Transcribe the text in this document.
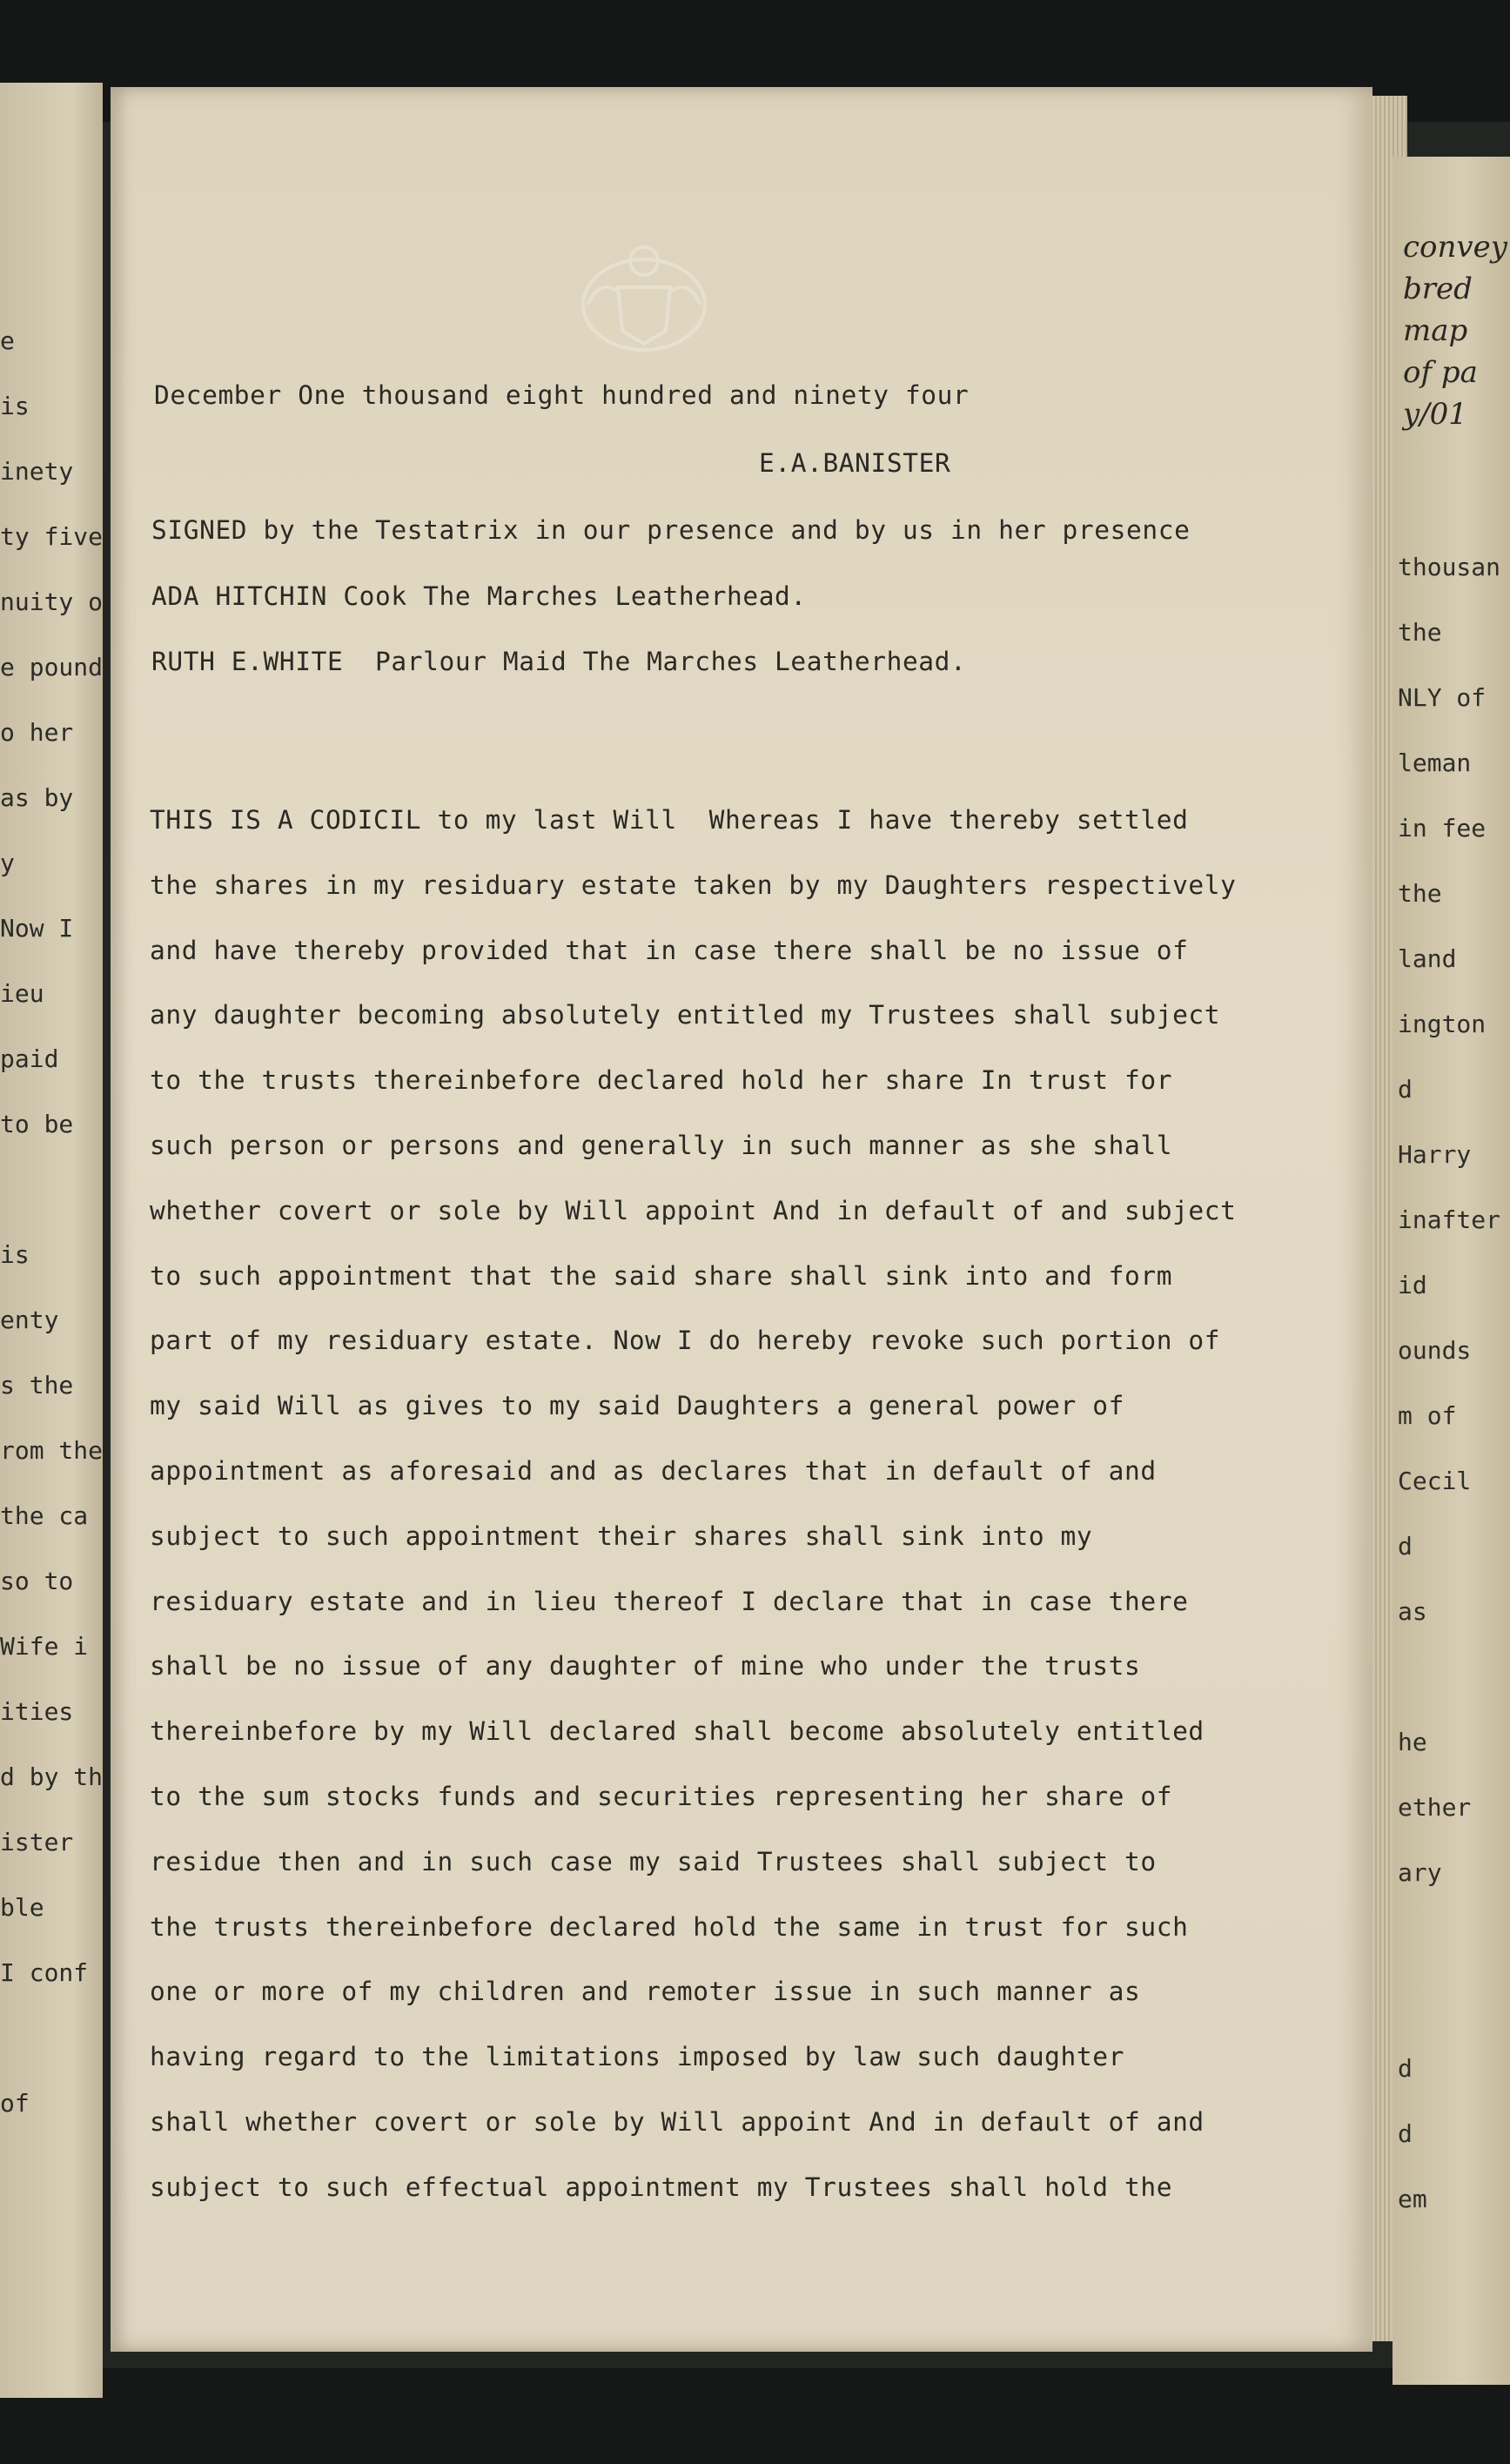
e
is
inety
ty five
nuity o
e pound
o her
as by
y
Now I
ieu
paid
to be
is
enty
s the
rom the
the ca
so to
Wife i
ities
d by th
ister
ble
I conf
of
thousan
the
NLY of
leman
in fee
the
land
ington
d
Harry
inafter
id
ounds
m of
Cecil
d
as
he
ether
ary
d
d
em
convey
bred
map
of pa
y/01
December One thousand eight hundred and ninety four
E.A.BANISTER
SIGNED by the Testatrix in our presence and by us in her presence
ADA HITCHIN Cook The Marches Leatherhead.
RUTH E.WHITE  Parlour Maid The Marches Leatherhead.
THIS IS A CODICIL to my last Will  Whereas I have thereby settled
the shares in my residuary estate taken by my Daughters respectively
and have thereby provided that in case there shall be no issue of
any daughter becoming absolutely entitled my Trustees shall subject
to the trusts thereinbefore declared hold her share In trust for
such person or persons and generally in such manner as she shall
whether covert or sole by Will appoint And in default of and subject
to such appointment that the said share shall sink into and form
part of my residuary estate. Now I do hereby revoke such portion of
my said Will as gives to my said Daughters a general power of
appointment as aforesaid and as declares that in default of and
subject to such appointment their shares shall sink into my
residuary estate and in lieu thereof I declare that in case there
shall be no issue of any daughter of mine who under the trusts
thereinbefore by my Will declared shall become absolutely entitled
to the sum stocks funds and securities representing her share of
residue then and in such case my said Trustees shall subject to
the trusts thereinbefore declared hold the same in trust for such
one or more of my children and remoter issue in such manner as
having regard to the limitations imposed by law such daughter
shall whether covert or sole by Will appoint And in default of and
subject to such effectual appointment my Trustees shall hold the
